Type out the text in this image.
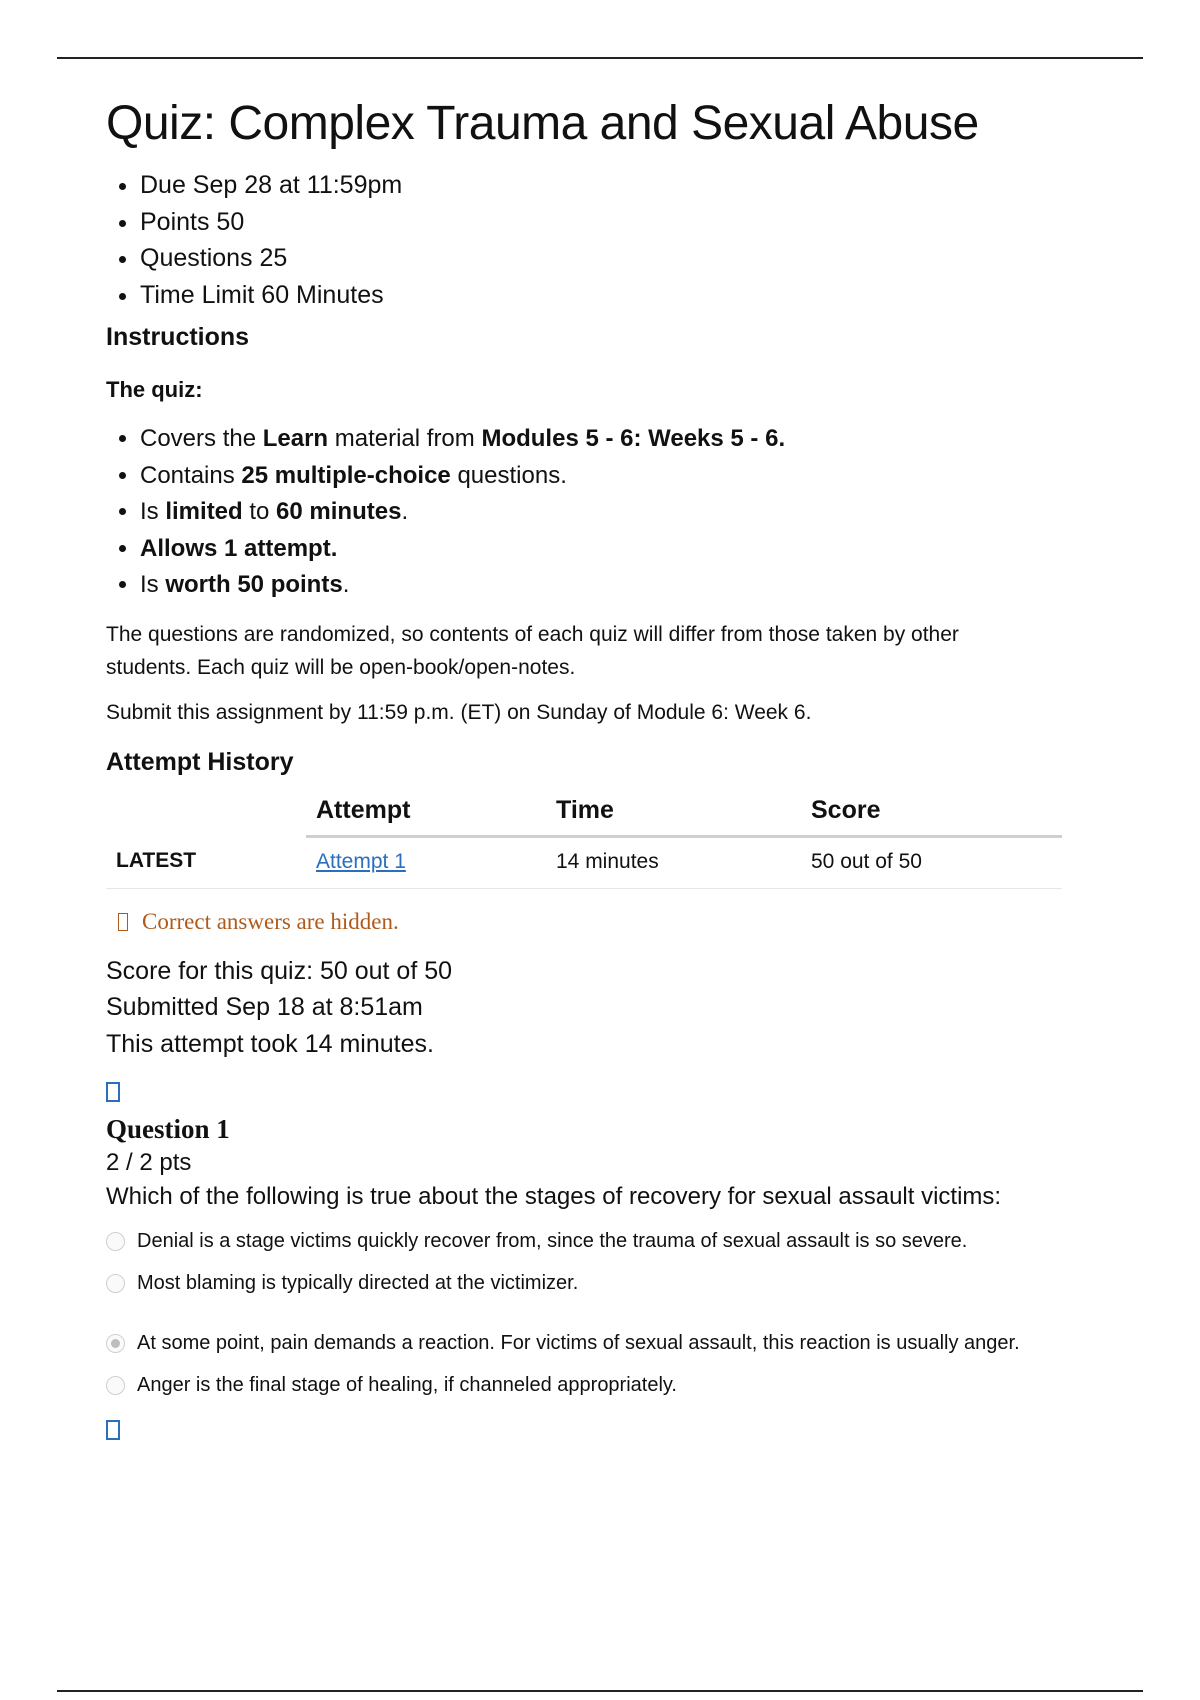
Quiz: Complex Trauma and Sexual Abuse
• Due Sep 28 at 11:59pm
• Points 50
• Questions 25
• Time Limit 60 Minutes
Instructions
The quiz:
• Covers the Learn material from Modules 5 - 6: Weeks 5 - 6.
• Contains 25 multiple-choice questions.
• Is limited to 60 minutes.
• Allows 1 attempt.
• Is worth 50 points.

The questions are randomized, so contents of each quiz will differ from those taken by other students. Each quiz will be open-book/open-notes.

Submit this assignment by 11:59 p.m. (ET) on Sunday of Module 6: Week 6.

Attempt History
	Attempt	Time	Score
LATEST	Attempt 1	14 minutes	50 out of 50
Correct answers are hidden.
Score for this quiz: 50 out of 50
Submitted Sep 18 at 8:51am
This attempt took 14 minutes.
Question 1
2 / 2 pts
Which of the following is true about the stages of recovery for sexual assault victims:
Denial is a stage victims quickly recover from, since the trauma of sexual assault is so severe.
Most blaming is typically directed at the victimizer.
At some point, pain demands a reaction. For victims of sexual assault, this reaction is usually anger.
Anger is the final stage of healing, if channeled appropriately.
